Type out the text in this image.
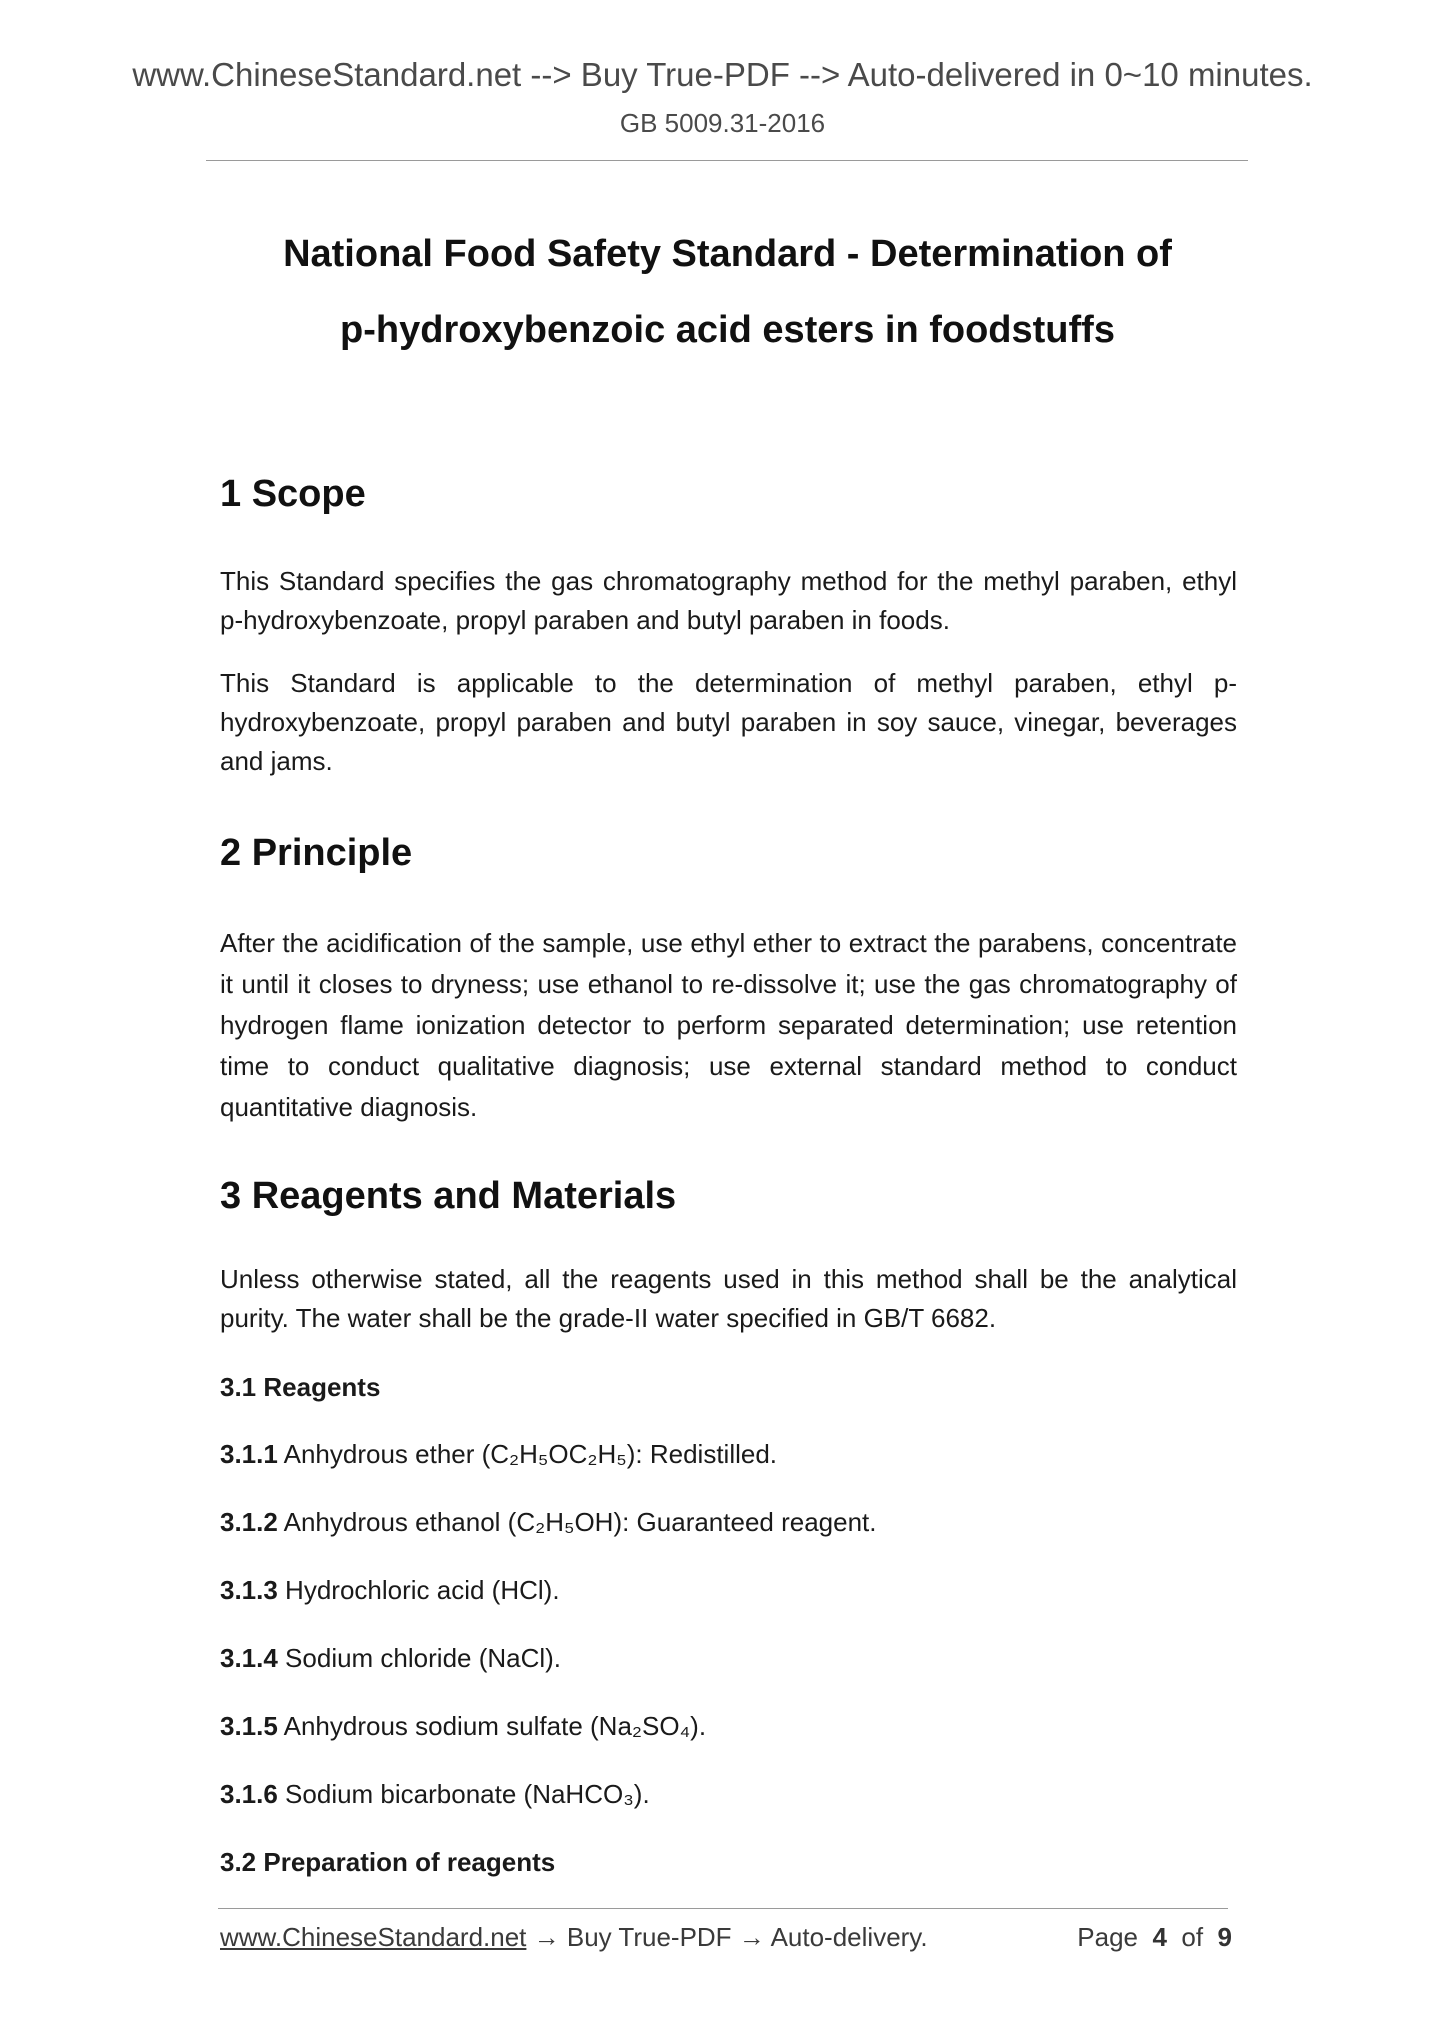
www.ChineseStandard.net --> Buy True-PDF --> Auto-delivered in 0~10 minutes.
GB 5009.31-2016
National Food Safety Standard - Determination of
p-hydroxybenzoic acid esters in foodstuffs
1 Scope

This Standard specifies the gas chromatography method for the methyl paraben, ethyl p-hydroxybenzoate, propyl paraben and butyl paraben in foods.

This Standard is applicable to the determination of methyl paraben, ethyl p-hydroxybenzoate, propyl paraben and butyl paraben in soy sauce, vinegar, beverages and jams.

2 Principle

After the acidification of the sample, use ethyl ether to extract the parabens, concentrate it until it closes to dryness; use ethanol to re-dissolve it; use the gas chromatography of hydrogen flame ionization detector to perform separated determination; use retention time to conduct qualitative diagnosis; use external standard method to conduct quantitative diagnosis.

3 Reagents and Materials

Unless otherwise stated, all the reagents used in this method shall be the analytical purity. The water shall be the grade-II water specified in GB/T 6682.

3.1 Reagents

3.1.1 Anhydrous ether (C₂H₅OC₂H₅): Redistilled.

3.1.2 Anhydrous ethanol (C₂H₅OH): Guaranteed reagent.

3.1.3 Hydrochloric acid (HCl).

3.1.4 Sodium chloride (NaCl).

3.1.5 Anhydrous sodium sulfate (Na₂SO₄).

3.1.6 Sodium bicarbonate (NaHCO₃).

3.2 Preparation of reagents

www.ChineseStandard.net → Buy True-PDF → Auto-delivery.	Page 4 of 9
